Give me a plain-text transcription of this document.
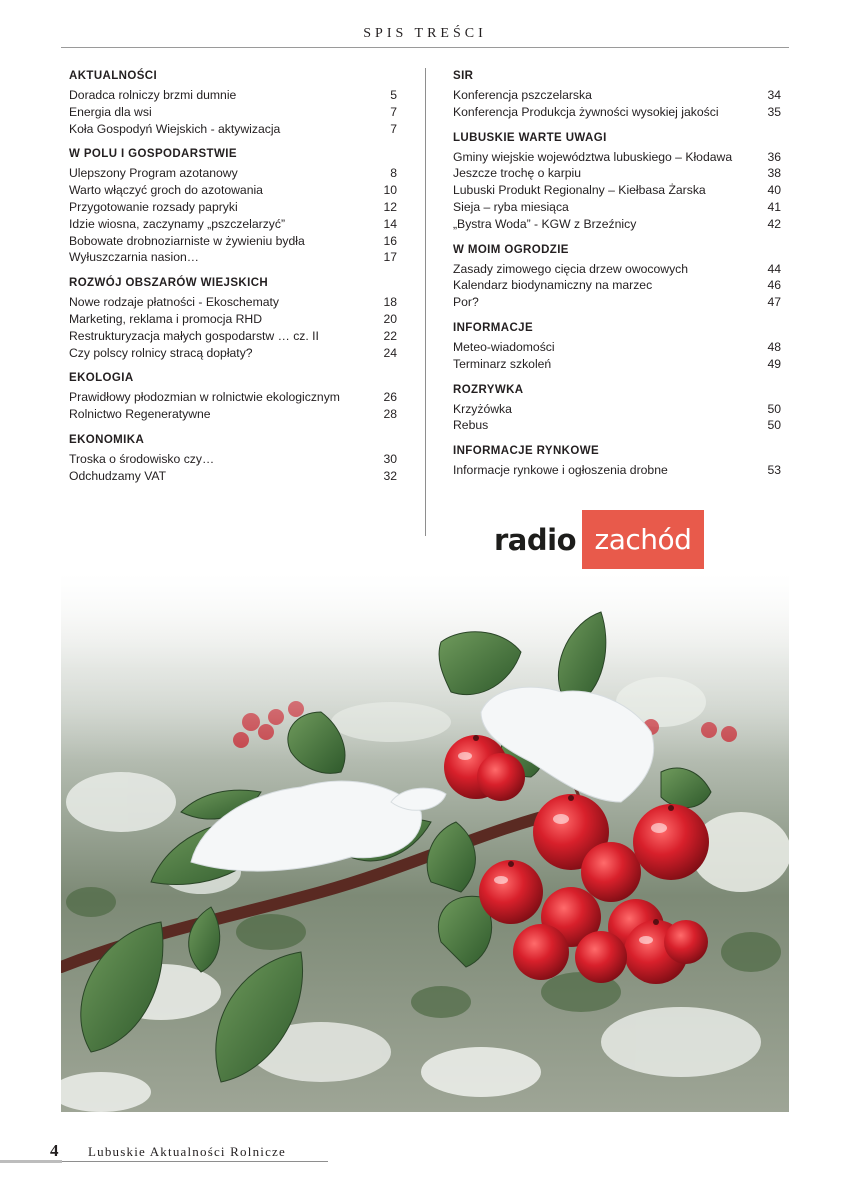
SPIS TREŚCI
AKTUALNOŚCI
Doradca rolniczy brzmi dumnie	5
Energia dla wsi	7
Koła Gospodyń Wiejskich - aktywizacja	7
W POLU I GOSPODARSTWIE
Ulepszony Program azotanowy	8
Warto włączyć groch do azotowania	10
Przygotowanie rozsady papryki	12
Idzie wiosna, zaczynamy „pszczelarzyć”	14
Bobowate drobnoziarniste w żywieniu bydła	16
Wyłuszczarnia nasion…	17
ROZWÓJ OBSZARÓW WIEJSKICH
Nowe rodzaje płatności - Ekoschematy	18
Marketing, reklama i promocja RHD	20
Restrukturyzacja małych gospodarstw … cz. II	22
Czy polscy rolnicy stracą dopłaty?	24
EKOLOGIA
Prawidłowy płodozmian w rolnictwie ekologicznym	26
Rolnictwo Regeneratywne	28
EKONOMIKA
Troska o środowisko czy…	30
Odchudzamy VAT	32
SIR
Konferencja pszczelarska	34
Konferencja Produkcja żywności wysokiej jakości	35
LUBUSKIE WARTE UWAGI
Gminy wiejskie województwa lubuskiego – Kłodawa	36
Jeszcze trochę o karpiu	38
Lubuski Produkt Regionalny – Kiełbasa Żarska	40
Sieja – ryba miesiąca	41
„Bystra Woda” - KGW z Brzeźnicy	42
W MOIM OGRODZIE
Zasady zimowego cięcia drzew owocowych	44
Kalendarz biodynamiczny na marzec	46
Por?	47
INFORMACJE
Meteo-wiadomości	48
Terminarz szkoleń	49
ROZRYWKA
Krzyżówka	50
Rebus	50
INFORMACJE RYNKOWE
Informacje rynkowe i ogłoszenia drobne	53
radio zachód
4 Lubuskie Aktualności Rolnicze
